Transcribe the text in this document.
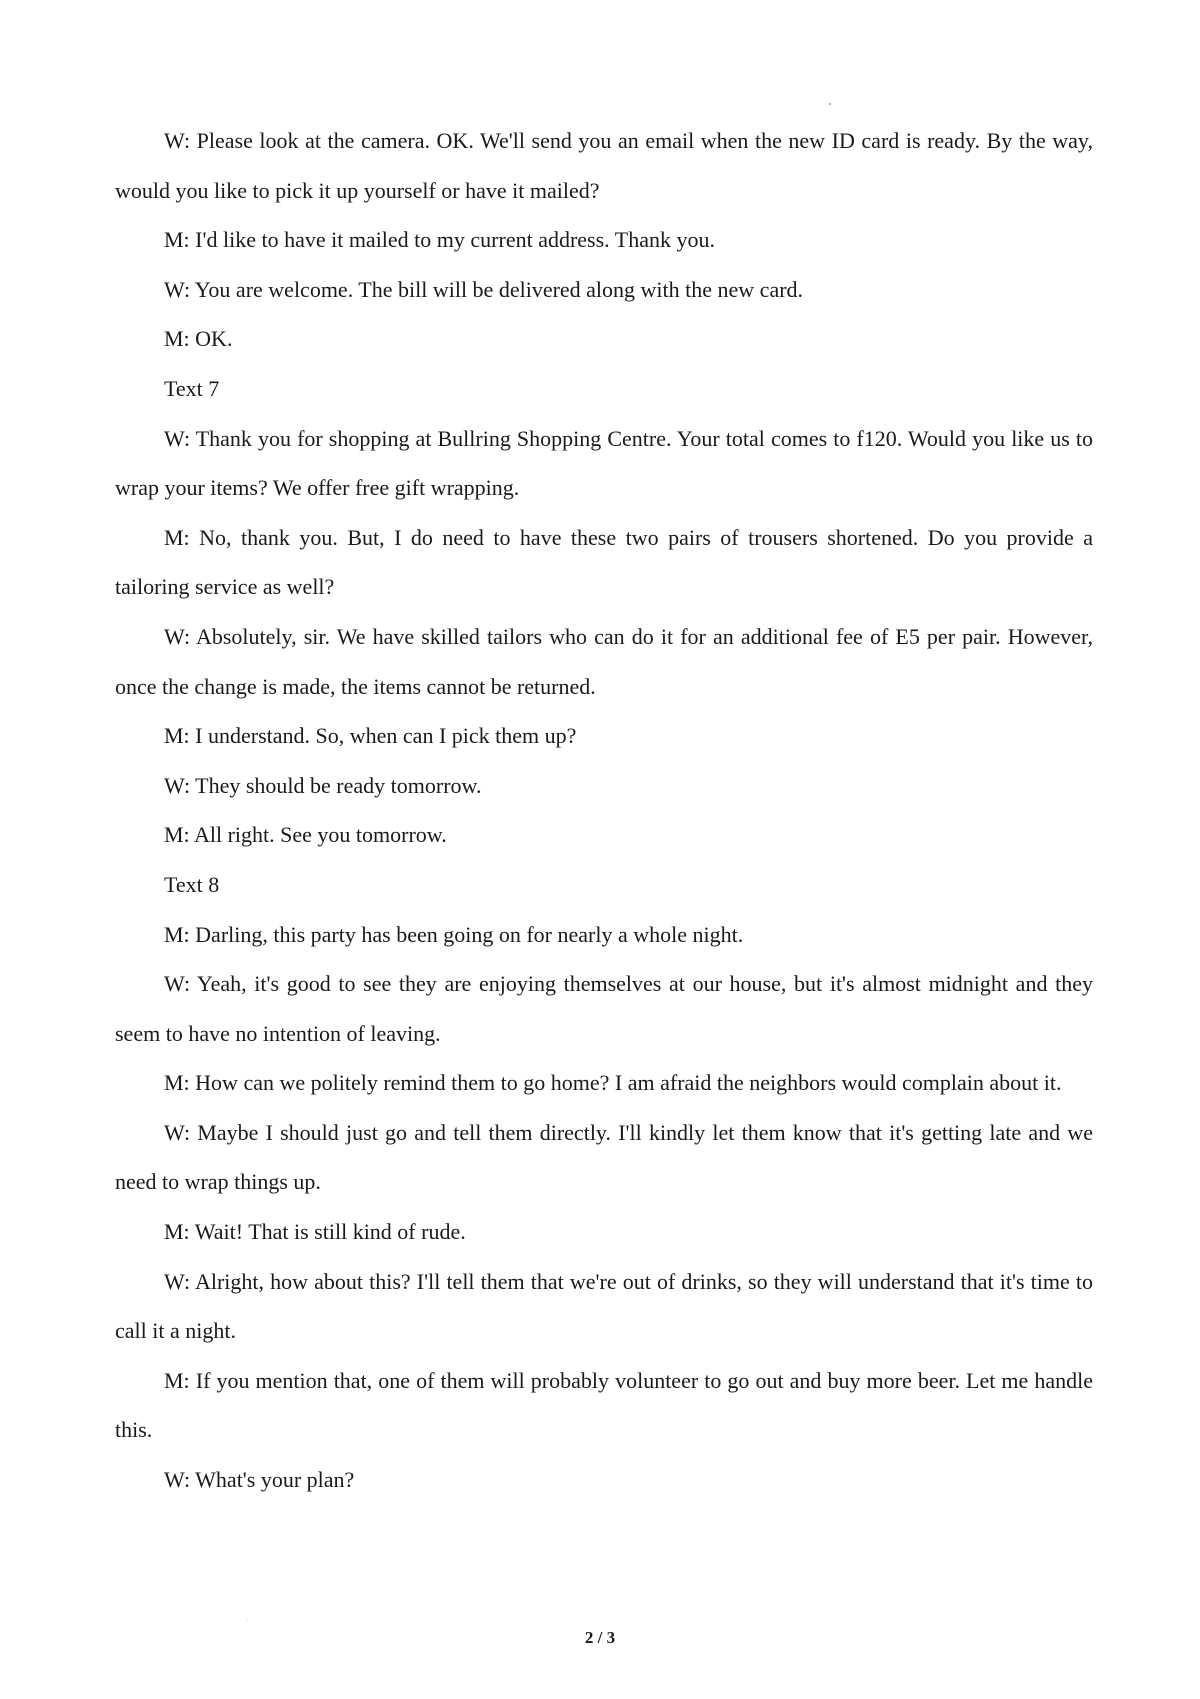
W: Please look at the camera. OK. We'll send you an email when the new ID card is ready. By the way, would you like to pick it up yourself or have it mailed?

M: I'd like to have it mailed to my current address. Thank you.

W: You are welcome. The bill will be delivered along with the new card.

M: OK.

Text 7

W: Thank you for shopping at Bullring Shopping Centre. Your total comes to f120. Would you like us to wrap your items? We offer free gift wrapping.

M: No, thank you. But, I do need to have these two pairs of trousers shortened. Do you provide a tailoring service as well?

W: Absolutely, sir. We have skilled tailors who can do it for an additional fee of E5 per pair. However, once the change is made, the items cannot be returned.

M: I understand. So, when can I pick them up?

W: They should be ready tomorrow.

M: All right. See you tomorrow.

Text 8

M: Darling, this party has been going on for nearly a whole night.

W: Yeah, it's good to see they are enjoying themselves at our house, but it's almost midnight and they seem to have no intention of leaving.

M: How can we politely remind them to go home? I am afraid the neighbors would complain about it.

W: Maybe I should just go and tell them directly. I'll kindly let them know that it's getting late and we need to wrap things up.

M: Wait! That is still kind of rude.

W: Alright, how about this? I'll tell them that we're out of drinks, so they will understand that it's time to call it a night.

M: If you mention that, one of them will probably volunteer to go out and buy more beer. Let me handle this.

W: What's your plan?

2 / 3
